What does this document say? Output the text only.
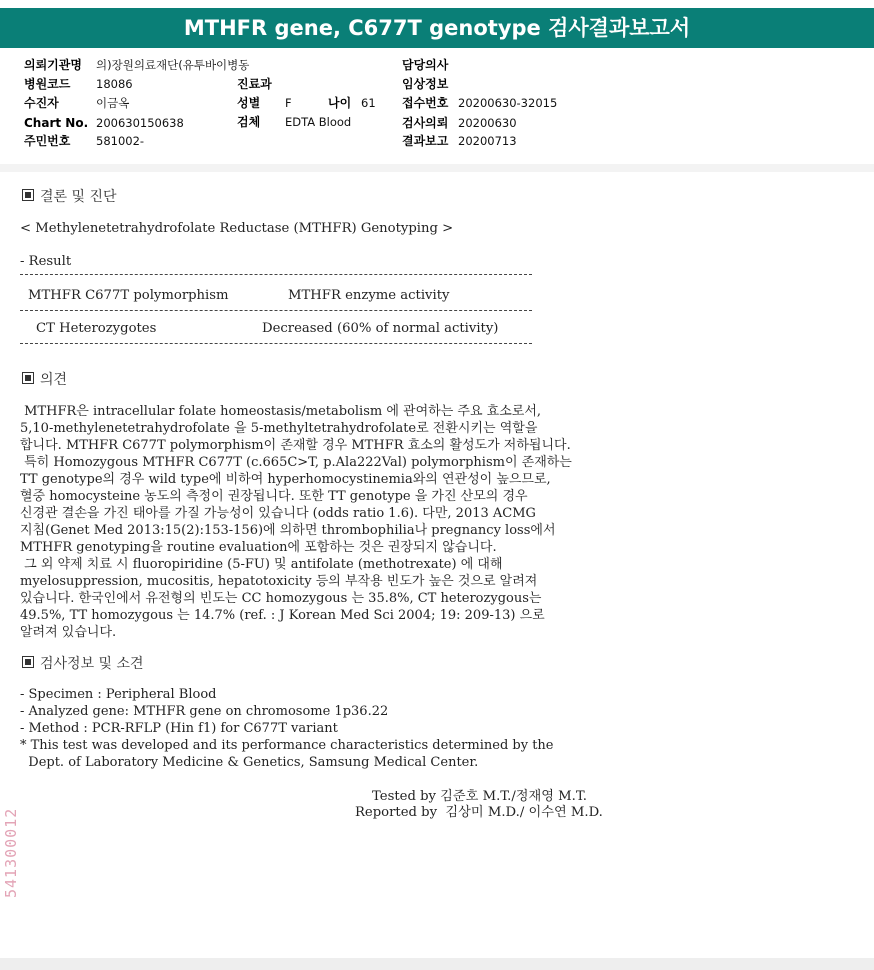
MTHFR gene, C677T genotype 검사결과보고서
의뢰기관명 의)장원의료재단(유투바이병동
병원코드 18086
수진자	이금옥
Chart No. 200630150638
주민번호 581002-
진료과
성별 F	나이 61
검체 EDTA Blood
담당의사
임상정보
접수번호 20200630-32015
검사의뢰 20200630
결과보고 20200713
결론 및 진단
< Methylenetetrahydrofolate Reductase (MTHFR) Genotyping >
- Result
MTHFR C677T polymorphism	MTHFR enzyme activity
CT Heterozygotes	Decreased (60% of normal activity)
의견
MTHFR은 intracellular folate homeostasis/metabolism 에 관여하는 주요 효소로서,
5,10-methylenetetrahydrofolate 을 5-methyltetrahydrofolate로 전환시키는 역할을
합니다. MTHFR C677T polymorphism이 존재할 경우 MTHFR 효소의 활성도가 저하됩니다.
특히 Homozygous MTHFR C677T (c.665C>T, p.Ala222Val) polymorphism이 존재하는
TT genotype의 경우 wild type에 비하여 hyperhomocystinemia와의 연관성이 높으므로,
혈중 homocysteine 농도의 측정이 권장됩니다. 또한 TT genotype 을 가진 산모의 경우
신경관 결손을 가진 태아를 가질 가능성이 있습니다 (odds ratio 1.6). 다만, 2013 ACMG
지침(Genet Med 2013:15(2):153-156)에 의하면 thrombophilia나 pregnancy loss에서
MTHFR genotyping을 routine evaluation에 포함하는 것은 권장되지 않습니다.
그 외 약제 치료 시 fluoropiridine (5-FU) 및 antifolate (methotrexate) 에 대해
myelosuppression, mucositis, hepatotoxicity 등의 부작용 빈도가 높은 것으로 알려져
있습니다. 한국인에서 유전형의 빈도는 CC homozygous 는 35.8%, CT heterozygous는
49.5%, TT homozygous 는 14.7% (ref. : J Korean Med Sci 2004; 19: 209-13) 으로
알려져 있습니다.
검사정보 및 소견
- Specimen : Peripheral Blood
- Analyzed gene: MTHFR gene on chromosome 1p36.22
- Method : PCR-RFLP (Hin f1) for C677T variant
* This test was developed and its performance characteristics determined by the
Dept. of Laboratory Medicine & Genetics, Samsung Medical Center.
Tested by 김준호 M.T./정재영 M.T.
Reported by  김상미 M.D./ 이수연 M.D.
541300012
